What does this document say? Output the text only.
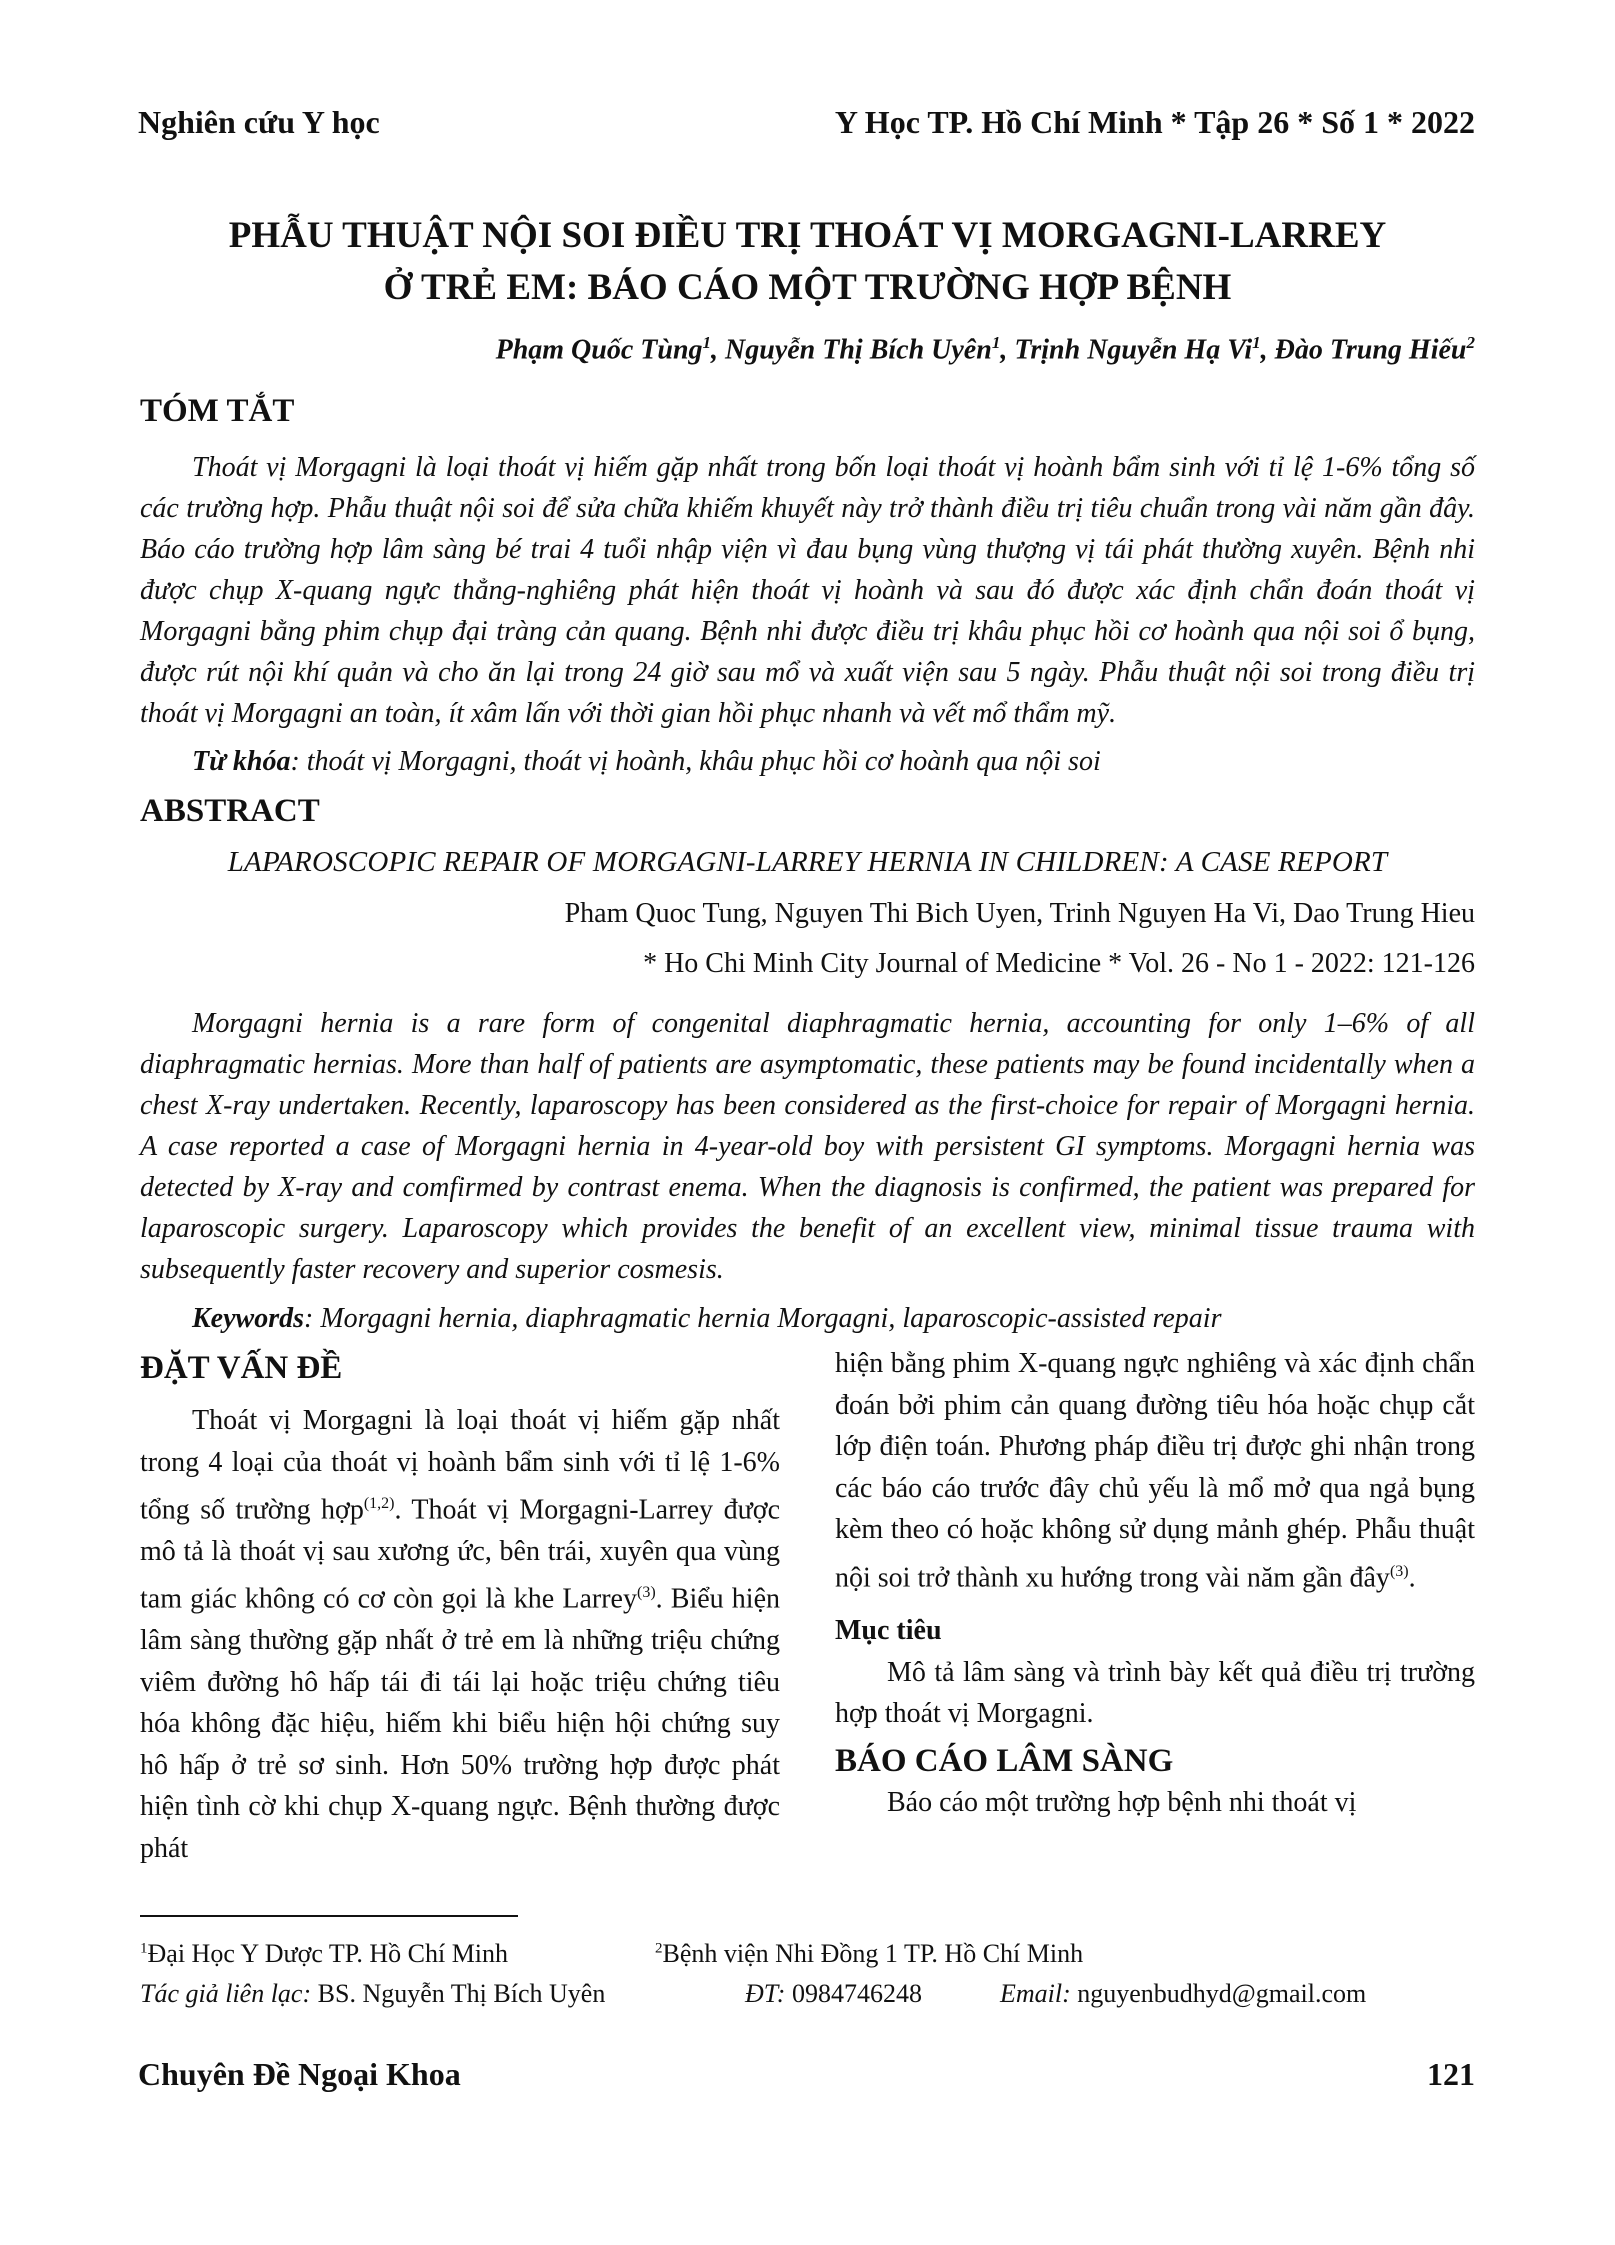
Nghiên cứu Y học	Y Học TP. Hồ Chí Minh * Tập 26 * Số 1 * 2022
PHẪU THUẬT NỘI SOI ĐIỀU TRỊ THOÁT VỊ MORGAGNI-LARREY
Ở TRẺ EM: BÁO CÁO MỘT TRƯỜNG HỢP BỆNH
Phạm Quốc Tùng$^1$, Nguyễn Thị Bích Uyên$^1$, Trịnh Nguyễn Hạ Vi$^1$, Đào Trung Hiếu$^2$
TÓM TẮT

Thoát vị Morgagni là loại thoát vị hiếm gặp nhất trong bốn loại thoát vị hoành bẩm sinh với tỉ lệ 1-6% tổng số các trường hợp. Phẫu thuật nội soi để sửa chữa khiếm khuyết này trở thành điều trị tiêu chuẩn trong vài năm gần đây. Báo cáo trường hợp lâm sàng bé trai 4 tuổi nhập viện vì đau bụng vùng thượng vị tái phát thường xuyên. Bệnh nhi được chụp X-quang ngực thẳng-nghiêng phát hiện thoát vị hoành và sau đó được xác định chẩn đoán thoát vị Morgagni bằng phim chụp đại tràng cản quang. Bệnh nhi được điều trị khâu phục hồi cơ hoành qua nội soi ổ bụng, được rút nội khí quản và cho ăn lại trong 24 giờ sau mổ và xuất viện sau 5 ngày. Phẫu thuật nội soi trong điều trị thoát vị Morgagni an toàn, ít xâm lấn với thời gian hồi phục nhanh và vết mổ thẩm mỹ.

Từ khóa: thoát vị Morgagni, thoát vị hoành, khâu phục hồi cơ hoành qua nội soi
ABSTRACT
LAPAROSCOPIC REPAIR OF MORGAGNI-LARREY HERNIA IN CHILDREN: A CASE REPORT
Pham Quoc Tung, Nguyen Thi Bich Uyen, Trinh Nguyen Ha Vi, Dao Trung Hieu
* Ho Chi Minh City Journal of Medicine * Vol. 26 - No 1 - 2022: 121-126

Morgagni hernia is a rare form of congenital diaphragmatic hernia, accounting for only 1–6% of all diaphragmatic hernias. More than half of patients are asymptomatic, these patients may be found incidentally when a chest X-ray undertaken. Recently, laparoscopy has been considered as the first-choice for repair of Morgagni hernia. A case reported a case of Morgagni hernia in 4-year-old boy with persistent GI symptoms. Morgagni hernia was detected by X-ray and comfirmed by contrast enema. When the diagnosis is confirmed, the patient was prepared for laparoscopic surgery. Laparoscopy which provides the benefit of an excellent view, minimal tissue trauma with subsequently faster recovery and superior cosmesis.

Keywords: Morgagni hernia, diaphragmatic hernia Morgagni, laparoscopic-assisted repair
ĐẶT VẤN ĐỀ

Thoát vị Morgagni là loại thoát vị hiếm gặp nhất trong 4 loại của thoát vị hoành bẩm sinh với tỉ lệ 1-6% tổng số trường hợp$^{(1,2)}$. Thoát vị Morgagni-Larrey được mô tả là thoát vị sau xương ức, bên trái, xuyên qua vùng tam giác không có cơ còn gọi là khe Larrey$^{(3)}$. Biểu hiện lâm sàng thường gặp nhất ở trẻ em là những triệu chứng viêm đường hô hấp tái đi tái lại hoặc triệu chứng tiêu hóa không đặc hiệu, hiếm khi biểu hiện hội chứng suy hô hấp ở trẻ sơ sinh. Hơn 50% trường hợp được phát hiện tình cờ khi chụp X-quang ngực. Bệnh thường được phát

hiện bằng phim X-quang ngực nghiêng và xác định chẩn đoán bởi phim cản quang đường tiêu hóa hoặc chụp cắt lớp điện toán. Phương pháp điều trị được ghi nhận trong các báo cáo trước đây chủ yếu là mổ mở qua ngả bụng kèm theo có hoặc không sử dụng mảnh ghép. Phẫu thuật nội soi trở thành xu hướng trong vài năm gần đây$^{(3)}$.

Mục tiêu

Mô tả lâm sàng và trình bày kết quả điều trị trường hợp thoát vị Morgagni.

BÁO CÁO LÂM SÀNG

Báo cáo một trường hợp bệnh nhi thoát vị

$^1$Đại Học Y Dược TP. Hồ Chí Minh	$^2$Bệnh viện Nhi Đồng 1 TP. Hồ Chí Minh
Tác giả liên lạc: BS. Nguyễn Thị Bích Uyên	ĐT: 0984746248	Email: nguyenbudhyd@gmail.com
Chuyên Đề Ngoại Khoa	121
